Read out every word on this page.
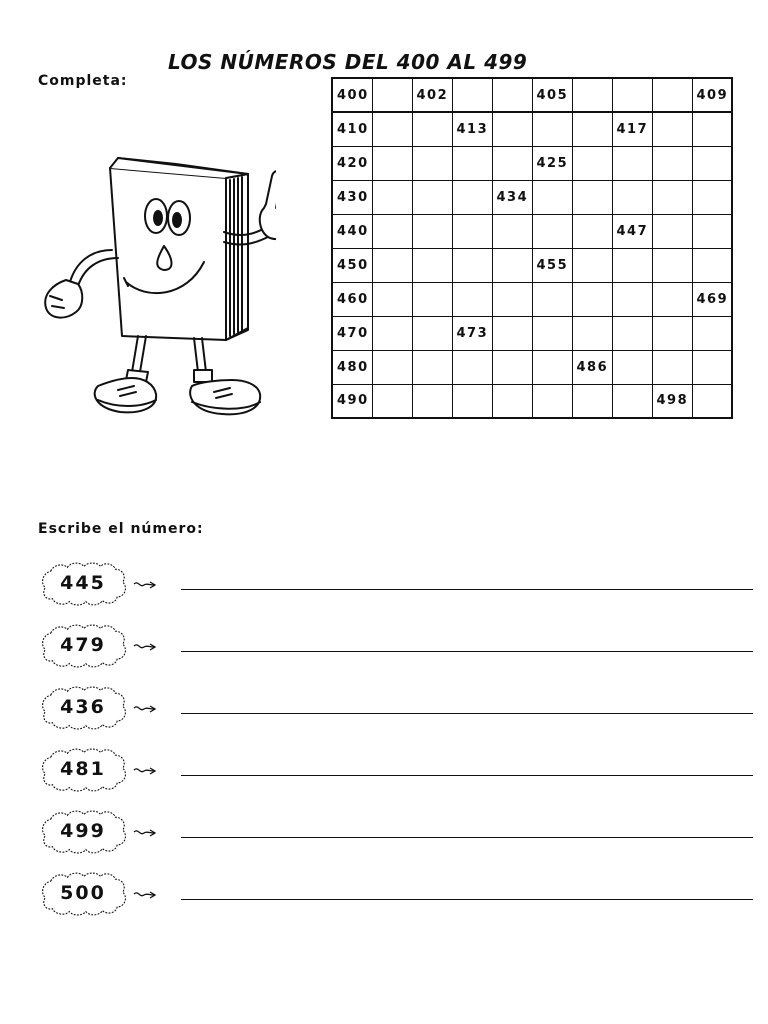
LOS NÚMEROS DEL 400 AL 499
Completa:
400		402			405				409
410			413				417		
420					425				
430				434					
440							447		
450					455				
460									469
470			473						
480						486			
490								498	
Escribe el número:
445
479
436
481
499
500
